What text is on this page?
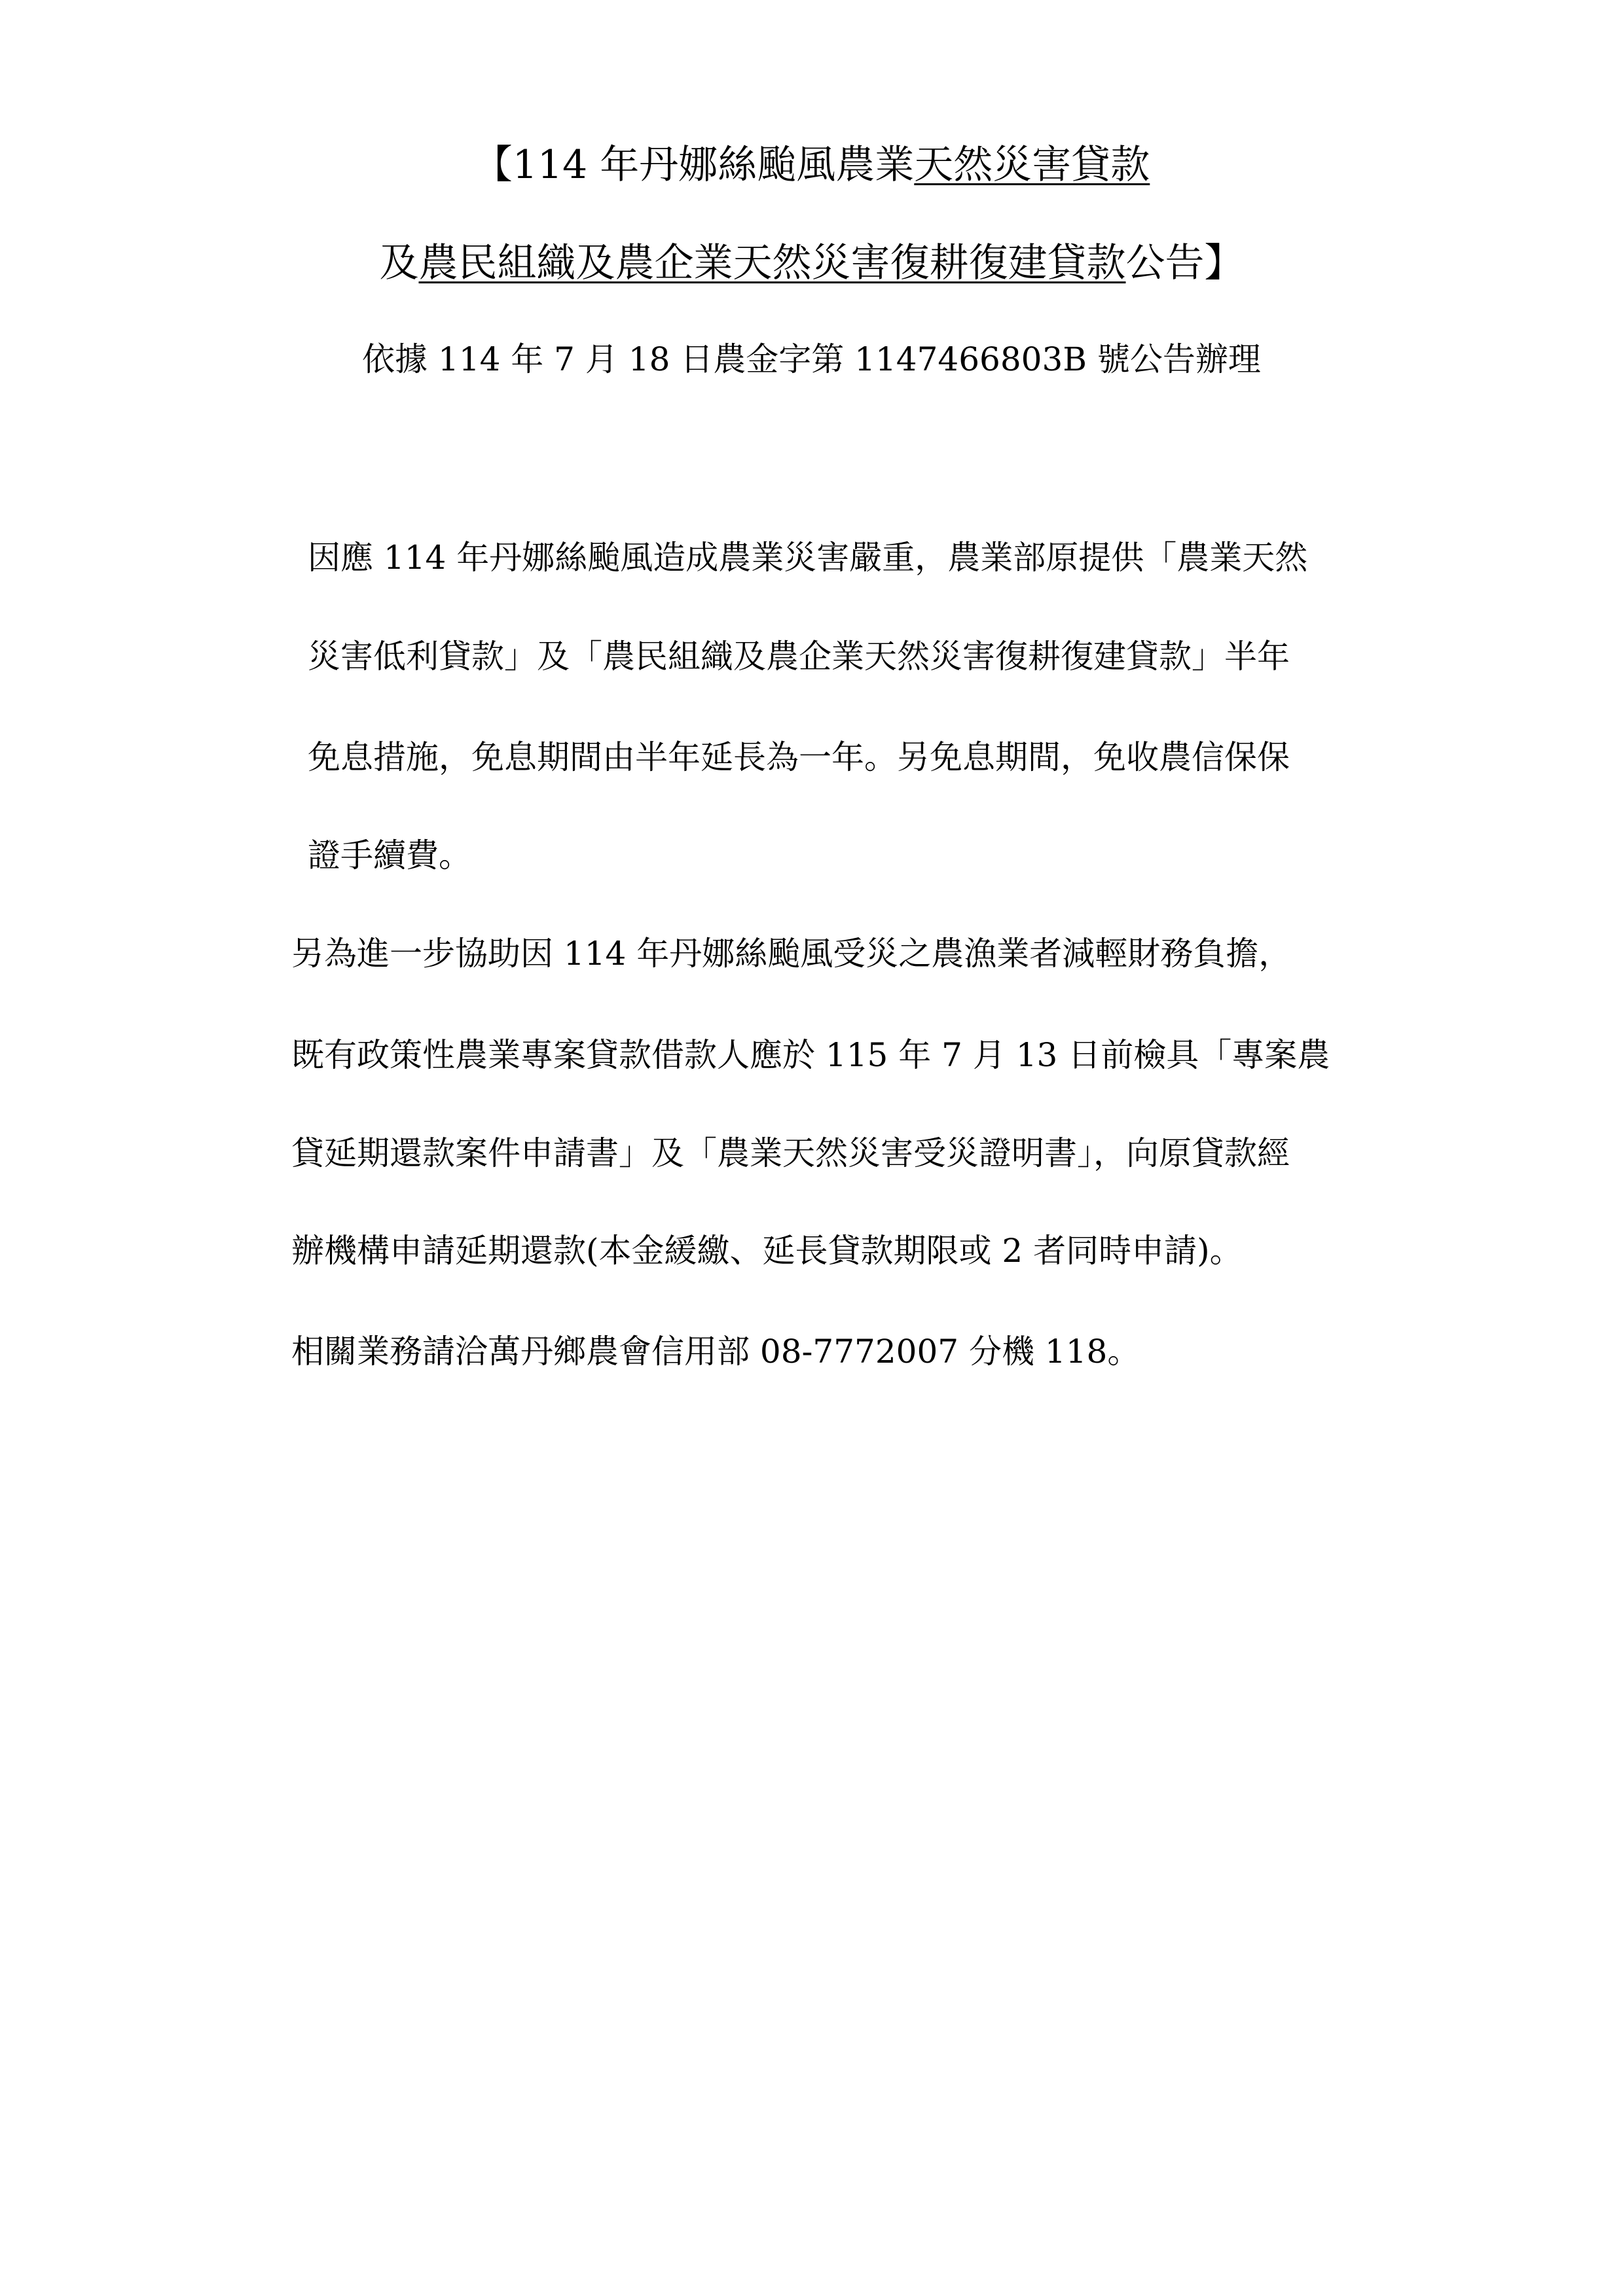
【114 年丹娜絲颱風農業天然災害貸款
及農民組織及農企業天然災害復耕復建貸款公告】
依據 114 年 7 月 18 日農金字第 1147466803B 號公告辦理
因應 114 年丹娜絲颱風造成農業災害嚴重，農業部原提供「農業天然
災害低利貸款」及「農民組織及農企業天然災害復耕復建貸款」半年
免息措施，免息期間由半年延長為一年。另免息期間，免收農信保保
證手續費。
另為進一步協助因 114 年丹娜絲颱風受災之農漁業者減輕財務負擔，
既有政策性農業專案貸款借款人應於 115 年 7 月 13 日前檢具「專案農
貸延期還款案件申請書」及「農業天然災害受災證明書」，向原貸款經
辦機構申請延期還款(本金緩繳、延長貸款期限或 2 者同時申請)。
相關業務請洽萬丹鄉農會信用部 08-7772007 分機 118。
